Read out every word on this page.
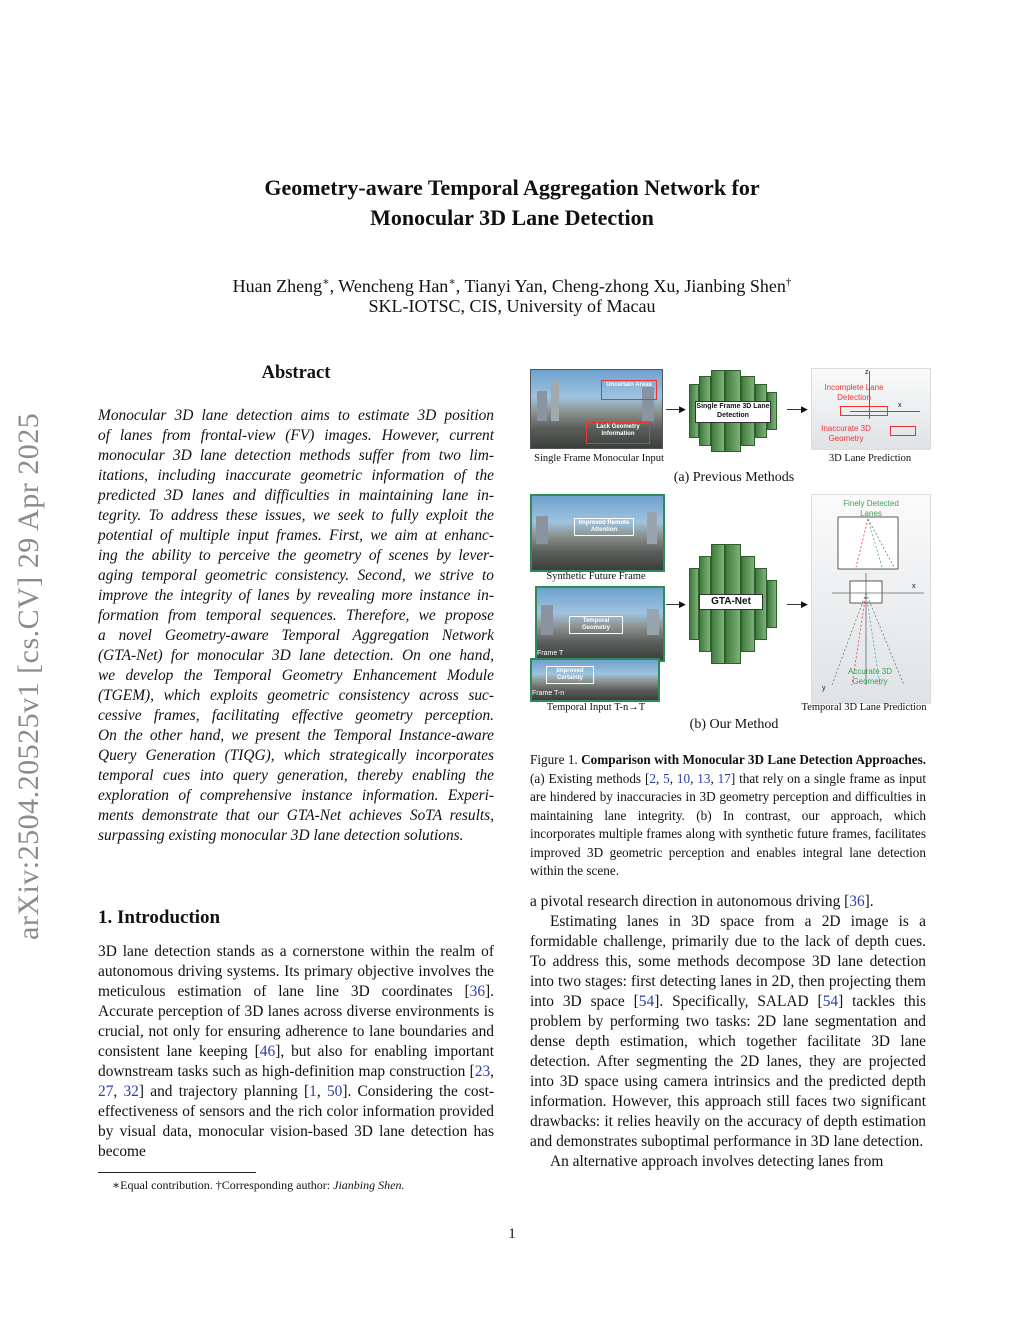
arXiv:2504.20525v1 [cs.CV] 29 Apr 2025
Geometry-aware Temporal Aggregation Network for
Monocular 3D Lane Detection
Huan Zheng∗, Wencheng Han∗, Tianyi Yan, Cheng-zhong Xu, Jianbing Shen†
SKL-IOTSC, CIS, University of Macau
Abstract
Monocular 3D lane detection aims to estimate 3D position
of lanes from frontal-view (FV) images. However, current
monocular 3D lane detection methods suffer from two lim-
itations, including inaccurate geometric information of the
predicted 3D lanes and difficulties in maintaining lane in-
tegrity. To address these issues, we seek to fully exploit the
potential of multiple input frames. First, we aim at enhanc-
ing the ability to perceive the geometry of scenes by lever-
aging temporal geometric consistency. Second, we strive to
improve the integrity of lanes by revealing more instance in-
formation from temporal sequences. Therefore, we propose
a novel Geometry-aware Temporal Aggregation Network
(GTA-Net) for monocular 3D lane detection. On one hand,
we develop the Temporal Geometry Enhancement Module
(TGEM), which exploits geometric consistency across suc-
cessive frames, facilitating effective geometry perception.
On the other hand, we present the Temporal Instance-aware
Query Generation (TIQG), which strategically incorporates
temporal cues into query generation, thereby enabling the
exploration of comprehensive instance information. Experi-
ments demonstrate that our GTA-Net achieves SoTA results,
surpassing existing monocular 3D lane detection solutions.
1. Introduction
3D lane detection stands as a cornerstone within the realm of autonomous driving systems. Its primary objective involves the meticulous estimation of lane line 3D coordinates [36]. Accurate perception of 3D lanes across diverse environments is crucial, not only for ensuring adherence to lane boundaries and consistent lane keeping [46], but also for enabling important downstream tasks such as high-definition map construction [23, 27, 32] and trajectory planning [1, 50]. Considering the cost-effectiveness of sensors and the rich color information provided by visual data, monocular vision-based 3D lane detection has become
∗Equal contribution. †Corresponding author: Jianbing Shen.
Uncertain Areas
Lack Geometry Information
Single Frame Monocular Input
▶ Single Frame 3D Lane Detection
▶
z
x
Incomplete Lane Detection
Inaccurate 3D Geometry
3D Lane Prediction
(a) Previous Methods
Improved Remote Attention
Synthetic Future Frame
Temporal Geometry
Frame T
Improved Certainty
Frame T-n
Temporal Input T-n→T
▶	GTA-Net	▶
Finely Detected Lanes
x
y
Accurate 3D Geometry
Temporal 3D Lane Prediction
(b) Our Method
Figure 1. Comparison with Monocular 3D Lane Detection Approaches. (a) Existing methods [2, 5, 10, 13, 17] that rely on a single frame as input are hindered by inaccuracies in 3D geometry perception and difficulties in maintaining lane integrity. (b) In contrast, our approach, which incorporates multiple frames along with synthetic future frames, facilitates improved 3D geometric perception and enables integral lane detection within the scene.
a pivotal research direction in autonomous driving [36].
Estimating lanes in 3D space from a 2D image is a formidable challenge, primarily due to the lack of depth cues. To address this, some methods decompose 3D lane detection into two stages: first detecting lanes in 2D, then projecting them into 3D space [54]. Specifically, SALAD [54] tackles this problem by performing two tasks: 2D lane segmentation and dense depth estimation, which together facilitate 3D lane detection. After segmenting the 2D lanes, they are projected into 3D space using camera intrinsics and the predicted depth information. However, this approach still faces two significant drawbacks: it relies heavily on the accuracy of depth estimation and demonstrates suboptimal performance in 3D lane detection.
An alternative approach involves detecting lanes from
1
